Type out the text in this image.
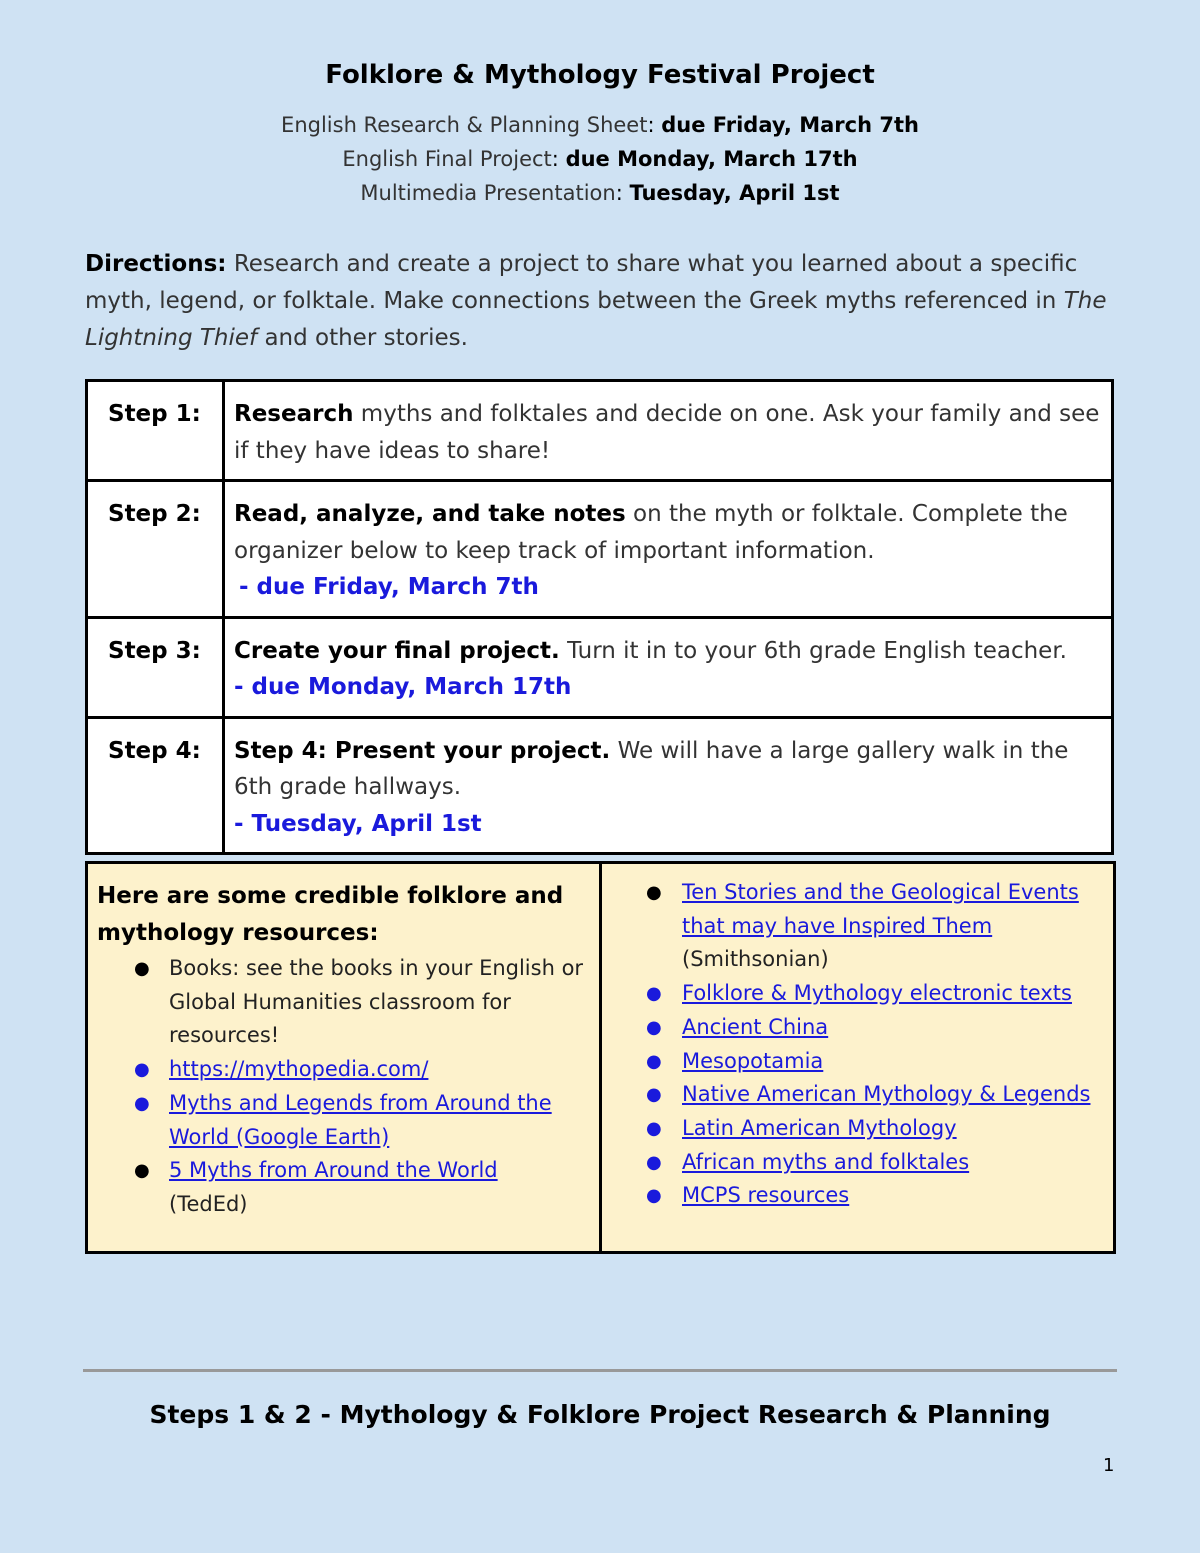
Folklore & Mythology Festival Project
English Research & Planning Sheet: due Friday, March 7th
English Final Project: due Monday, March 17th
Multimedia Presentation: Tuesday, April 1st
Directions: Research and create a project to share what you learned about a specific myth, legend, or folktale. Make connections between the Greek myths referenced in The Lightning Thief and other stories.
Step 1:	Research myths and folktales and decide on one. Ask your family and see if they have ideas to share!
Step 2:	Read, analyze, and take notes on the myth or folktale. Complete the organizer below to keep track of important information.
- due Friday, March 7th
Step 3:	Create your final project. Turn it in to your 6th grade English teacher.
- due Monday, March 17th
Step 4:	Step 4: Present your project. We will have a large gallery walk in the 6th grade hallways.
- Tuesday, April 1st
Here are some credible folklore and mythology resources:
● Books: see the books in your English or Global Humanities classroom for resources!
● https://mythopedia.com/
● Myths and Legends from Around the World (Google Earth)
● 5 Myths from Around the World
(TedEd)
● Ten Stories and the Geological Events that may have Inspired Them
(Smithsonian)
● Folklore & Mythology electronic texts
● Ancient China
● Mesopotamia
● Native American Mythology & Legends
● Latin American Mythology
● African myths and folktales
● MCPS resources
Steps 1 & 2 - Mythology & Folklore Project Research & Planning
1
